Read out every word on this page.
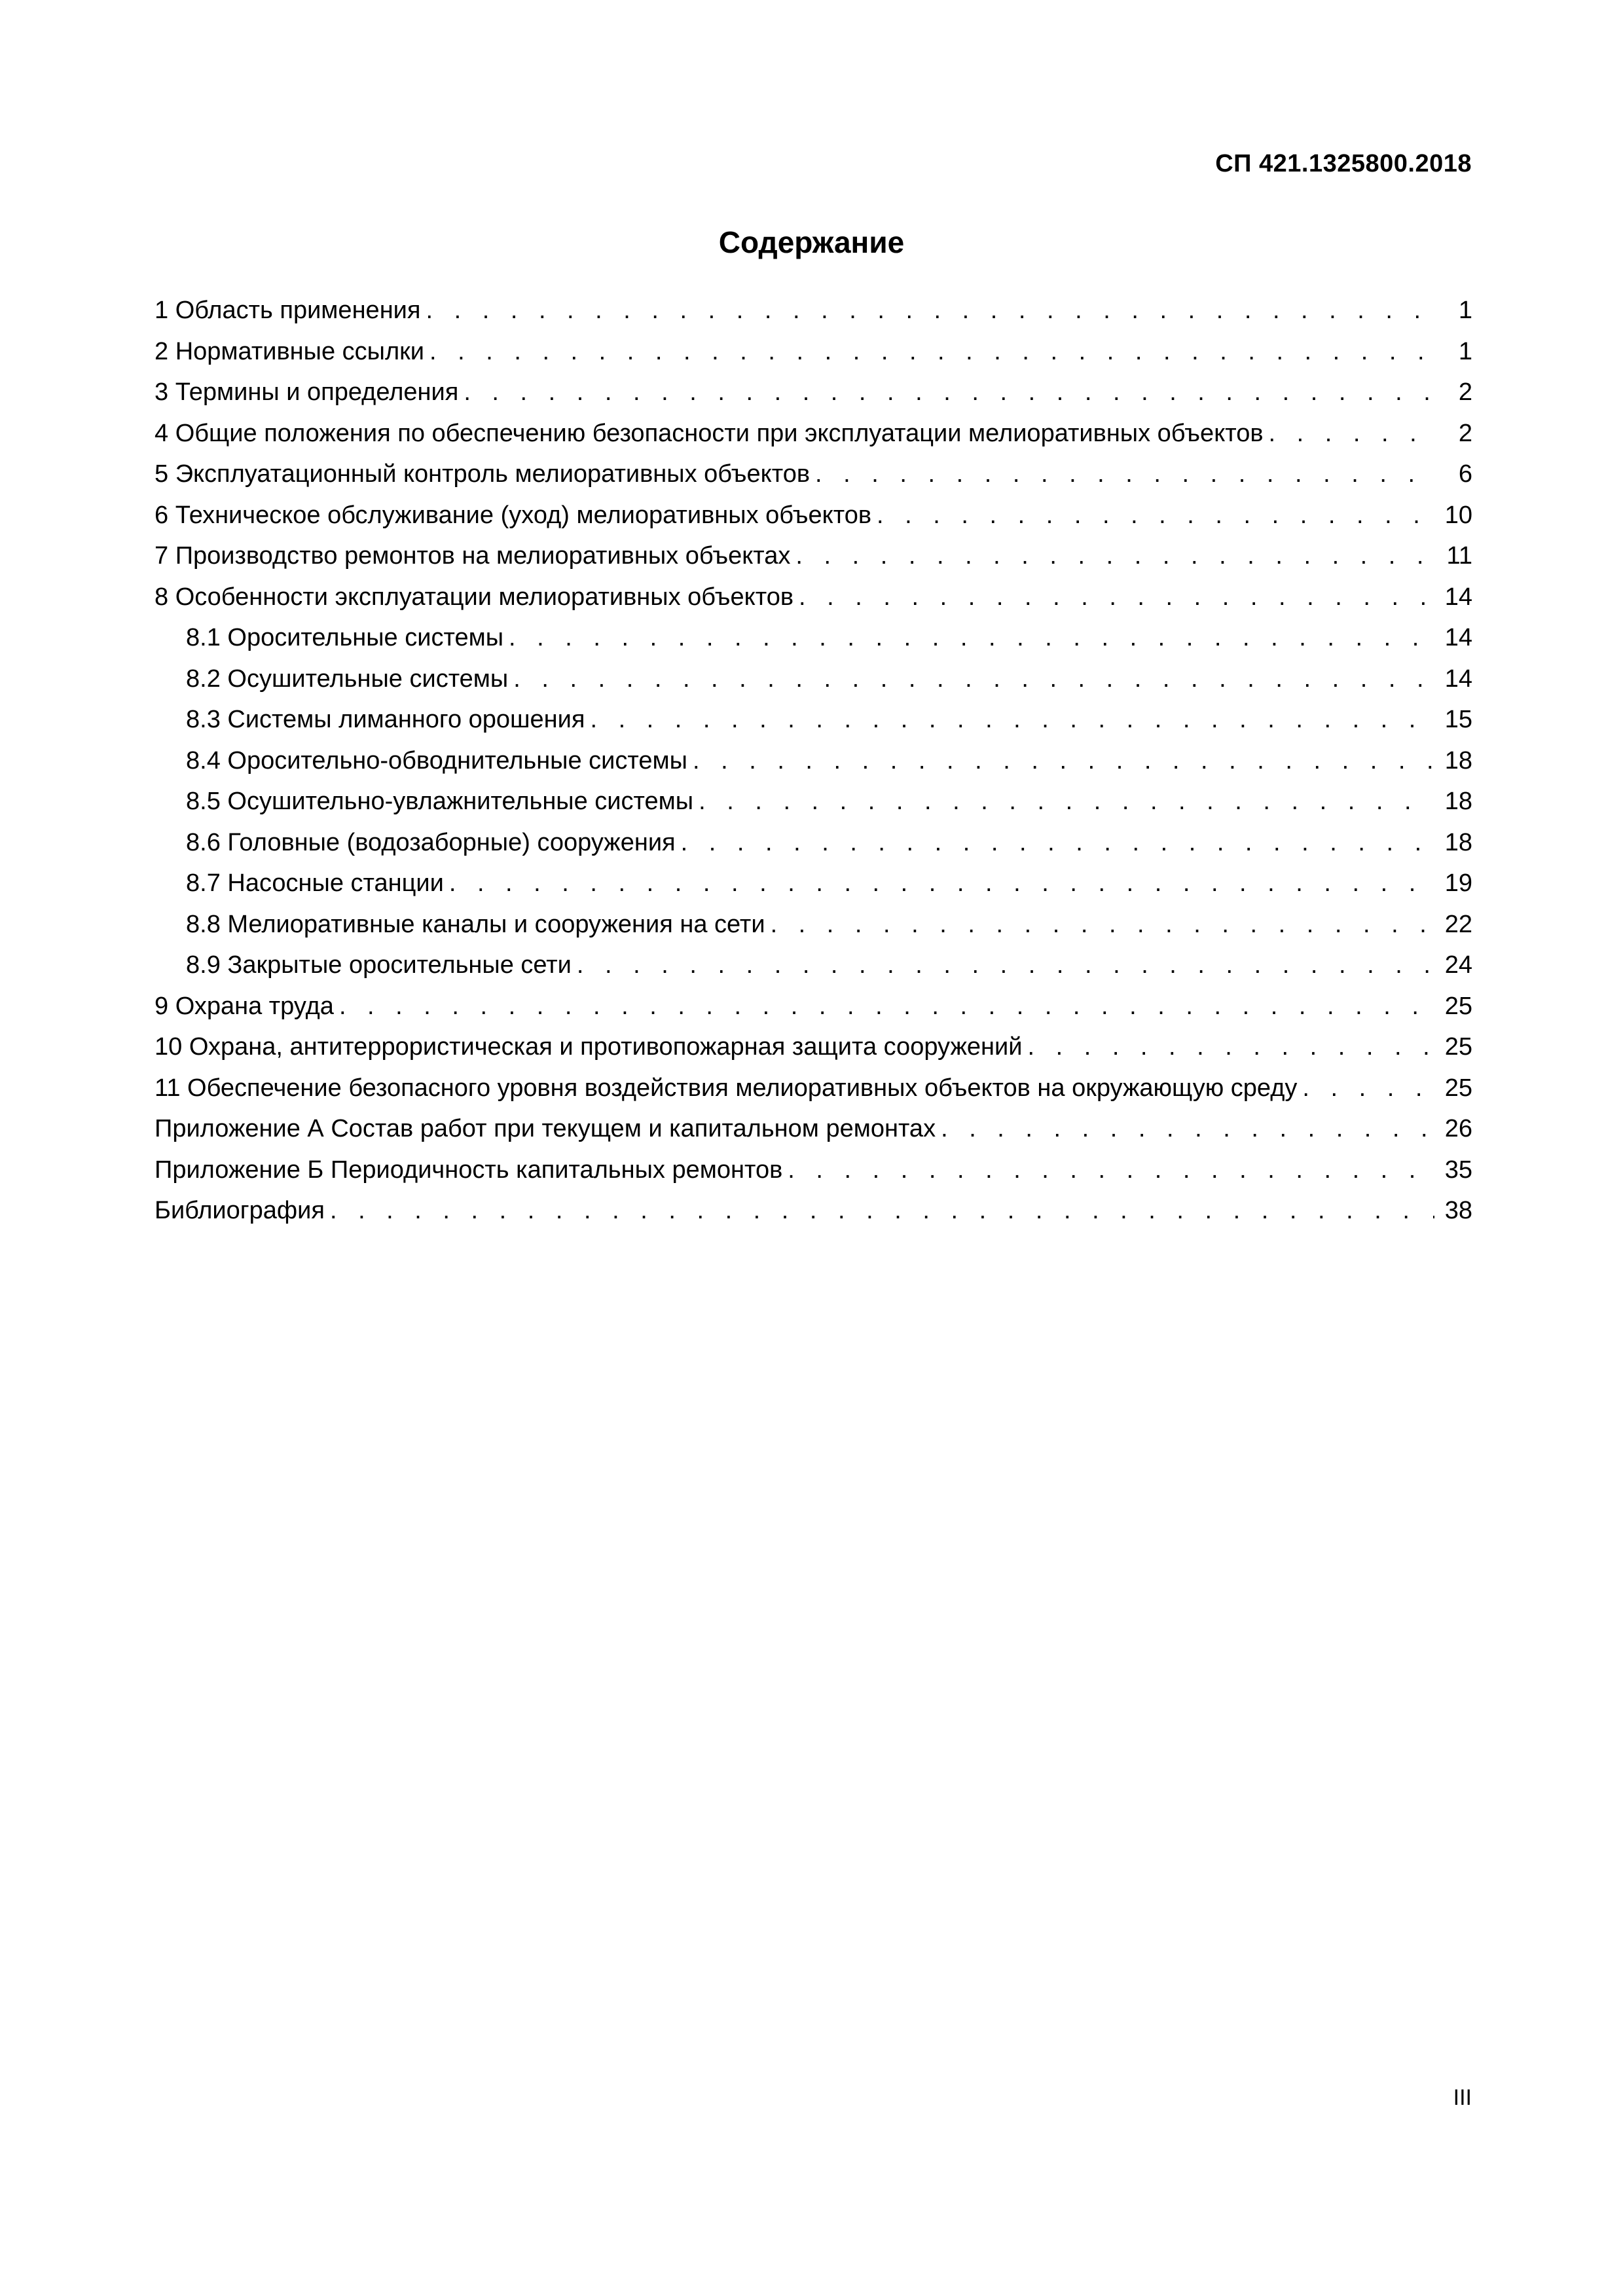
СП 421.1325800.2018
Содержание
1 Область применения . . .	1
2 Нормативные ссылки . . .	1
3 Термины и определения . . .	2
4 Общие положения по обеспечению безопасности при эксплуатации мелиоративных объектов . . .	2
5 Эксплуатационный контроль мелиоративных объектов . . .	6
6 Техническое обслуживание (уход) мелиоративных объектов . . .	10
7 Производство ремонтов на мелиоративных объектах . . .	11
8 Особенности эксплуатации мелиоративных объектов . . .	14
8.1 Оросительные системы . . .	14
8.2 Осушительные системы . . .	14
8.3 Системы лиманного орошения . . .	15
8.4 Оросительно-обводнительные системы . . .	18
8.5 Осушительно-увлажнительные системы . . .	18
8.6 Головные (водозаборные) сооружения . . .	18
8.7 Насосные станции . . .	19
8.8 Мелиоративные каналы и сооружения на сети . . .	22
8.9 Закрытые оросительные сети . . .	24
9 Охрана труда . . .	25
10 Охрана, антитеррористическая и противопожарная защита сооружений . . .	25
11 Обеспечение безопасного уровня воздействия мелиоративных объектов на окружающую среду . . .	25
Приложение А Состав работ при текущем и капитальном ремонтах . . .	26
Приложение Б Периодичность капитальных ремонтов . . .	35
Библиография . . .	38
III
